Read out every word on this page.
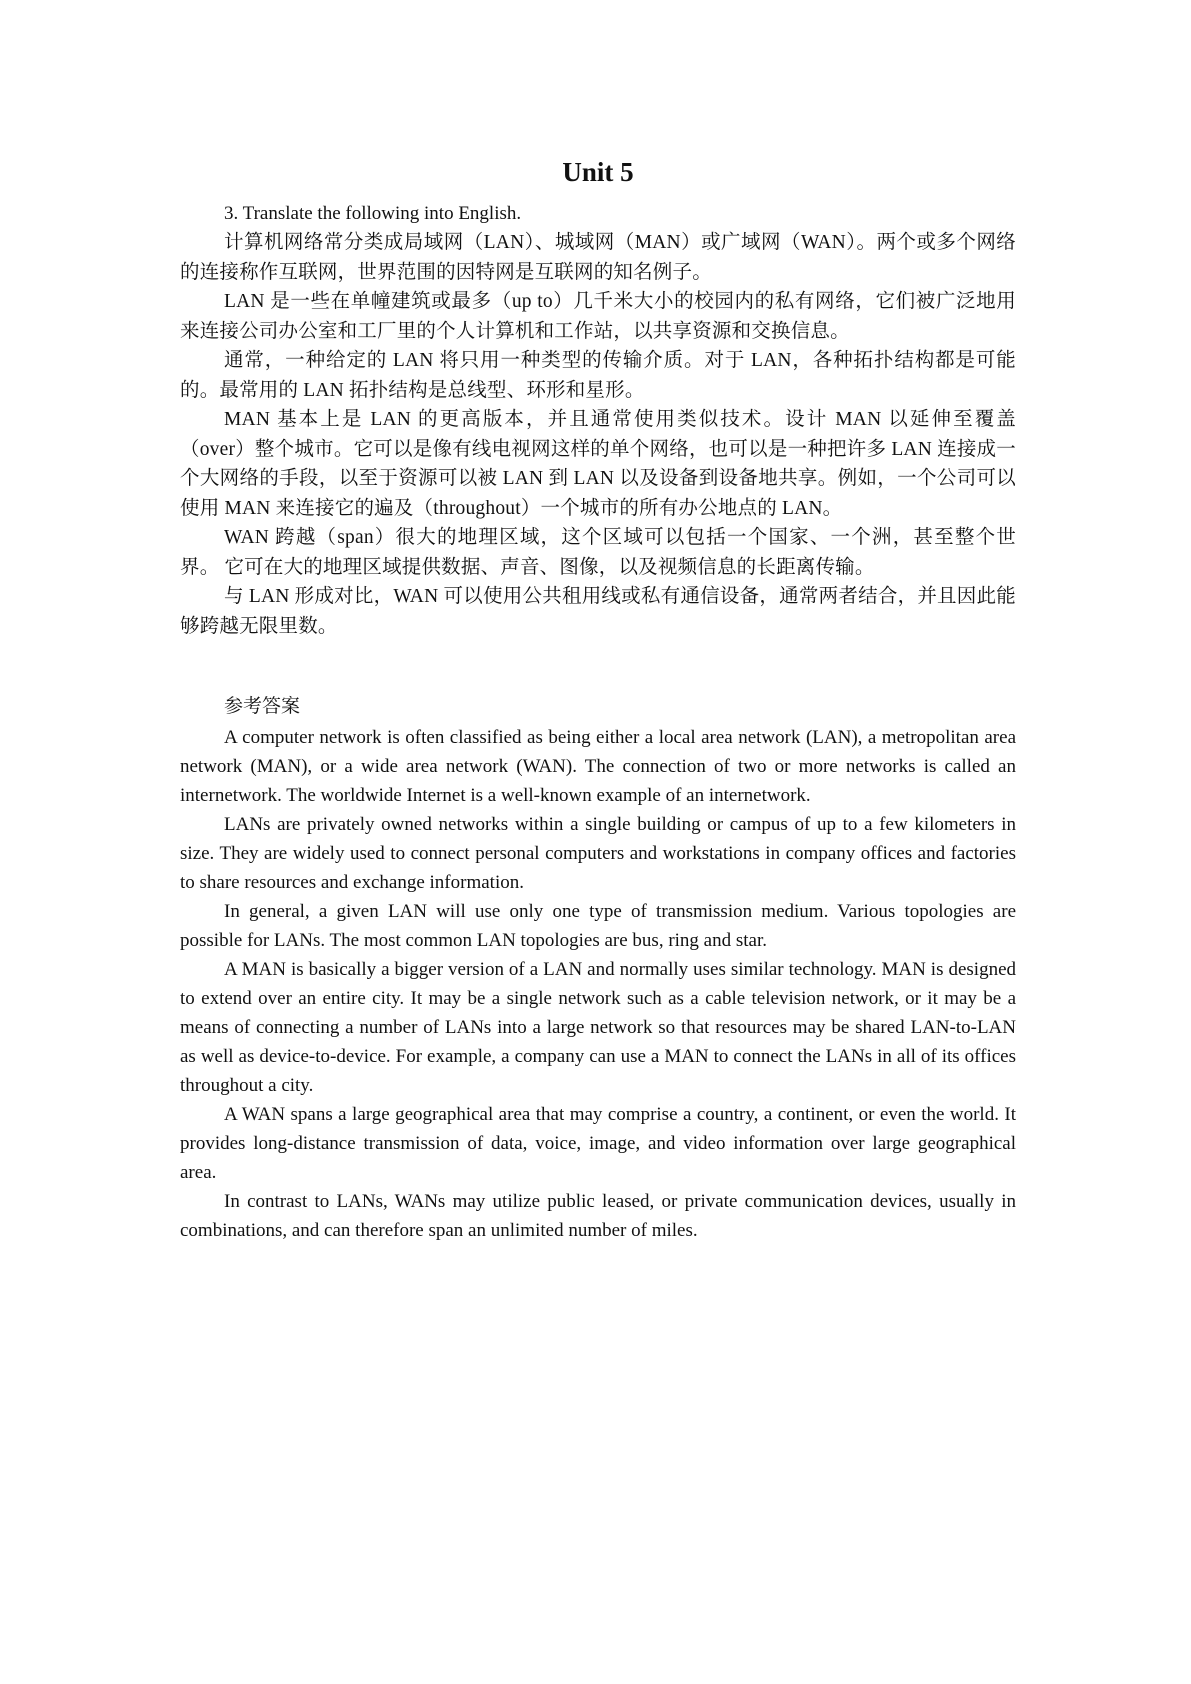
Unit 5

3. Translate the following into English.

计算机网络常分类成局域网（LAN）、城域网（MAN）或广域网（WAN）。两个或多个网络的连接称作互联网，世界范围的因特网是互联网的知名例子。

LAN 是一些在单幢建筑或最多（up to）几千米大小的校园内的私有网络，它们被广泛地用来连接公司办公室和工厂里的个人计算机和工作站，以共享资源和交换信息。

通常，一种给定的 LAN 将只用一种类型的传输介质。对于 LAN，各种拓扑结构都是可能的。最常用的 LAN 拓扑结构是总线型、环形和星形。

MAN 基本上是 LAN 的更高版本，并且通常使用类似技术。设计 MAN 以延伸至覆盖（over）整个城市。它可以是像有线电视网这样的单个网络，也可以是一种把许多 LAN 连接成一个大网络的手段，以至于资源可以被 LAN 到 LAN 以及设备到设备地共享。例如，一个公司可以使用 MAN 来连接它的遍及（throughout）一个城市的所有办公地点的 LAN。

WAN 跨越（span）很大的地理区域，这个区域可以包括一个国家、一个洲，甚至整个世界。 它可在大的地理区域提供数据、声音、图像，以及视频信息的长距离传输。

与 LAN 形成对比，WAN 可以使用公共租用线或私有通信设备，通常两者结合，并且因此能够跨越无限里数。

参考答案

A computer network is often classified as being either a local area network (LAN), a metropolitan area network (MAN), or a wide area network (WAN). The connection of two or more networks is called an internetwork. The worldwide Internet is a well-known example of an internetwork.

LANs are privately owned networks within a single building or campus of up to a few kilometers in size. They are widely used to connect personal computers and workstations in company offices and factories to share resources and exchange information.

In general, a given LAN will use only one type of transmission medium. Various topologies are possible for LANs. The most common LAN topologies are bus, ring and star.

A MAN is basically a bigger version of a LAN and normally uses similar technology. MAN is designed to extend over an entire city. It may be a single network such as a cable television network, or it may be a means of connecting a number of LANs into a large network so that resources may be shared LAN-to-LAN as well as device-to-device. For example, a company can use a MAN to connect the LANs in all of its offices throughout a city.

A WAN spans a large geographical area that may comprise a country, a continent, or even the world. It provides long-distance transmission of data, voice, image, and video information over large geographical area.

In contrast to LANs, WANs may utilize public leased, or private communication devices, usually in combinations, and can therefore span an unlimited number of miles.
